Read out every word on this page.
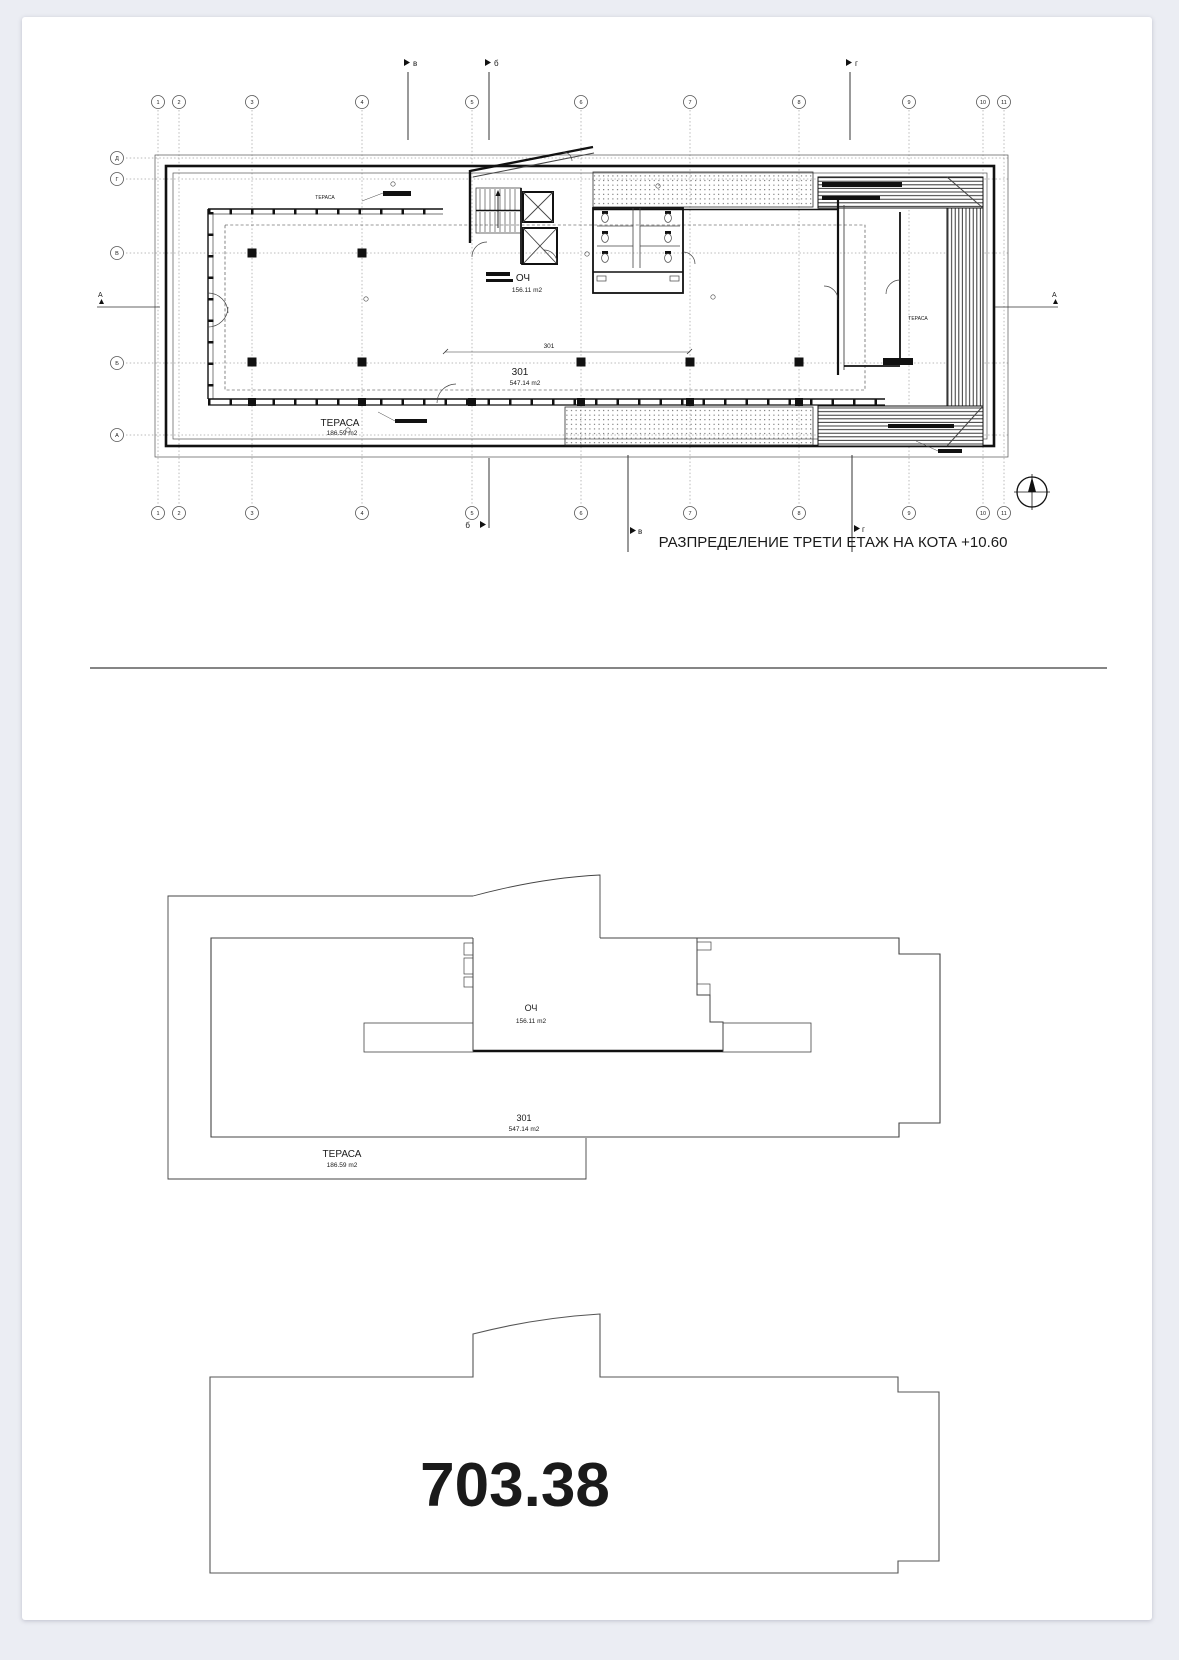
1
1
2
2
3
3
4
4
5
5
6
6
7
7
8
8
9
9
10
10
11
11
Д
Г
В
Б
А
в	б	г
б
в	г
А	А
ОЧ
156.11 m2
301
547.14 m2
ТЕРАСА
186.59 m2
301
ТЕРАСА
ТЕРАСА
РАЗПРЕДЕЛЕНИЕ ТРЕТИ ЕТАЖ НА КОТА +10.60
ОЧ
156.11 m2
301
547.14 m2
ТЕРАСА
186.59 m2
703.38
